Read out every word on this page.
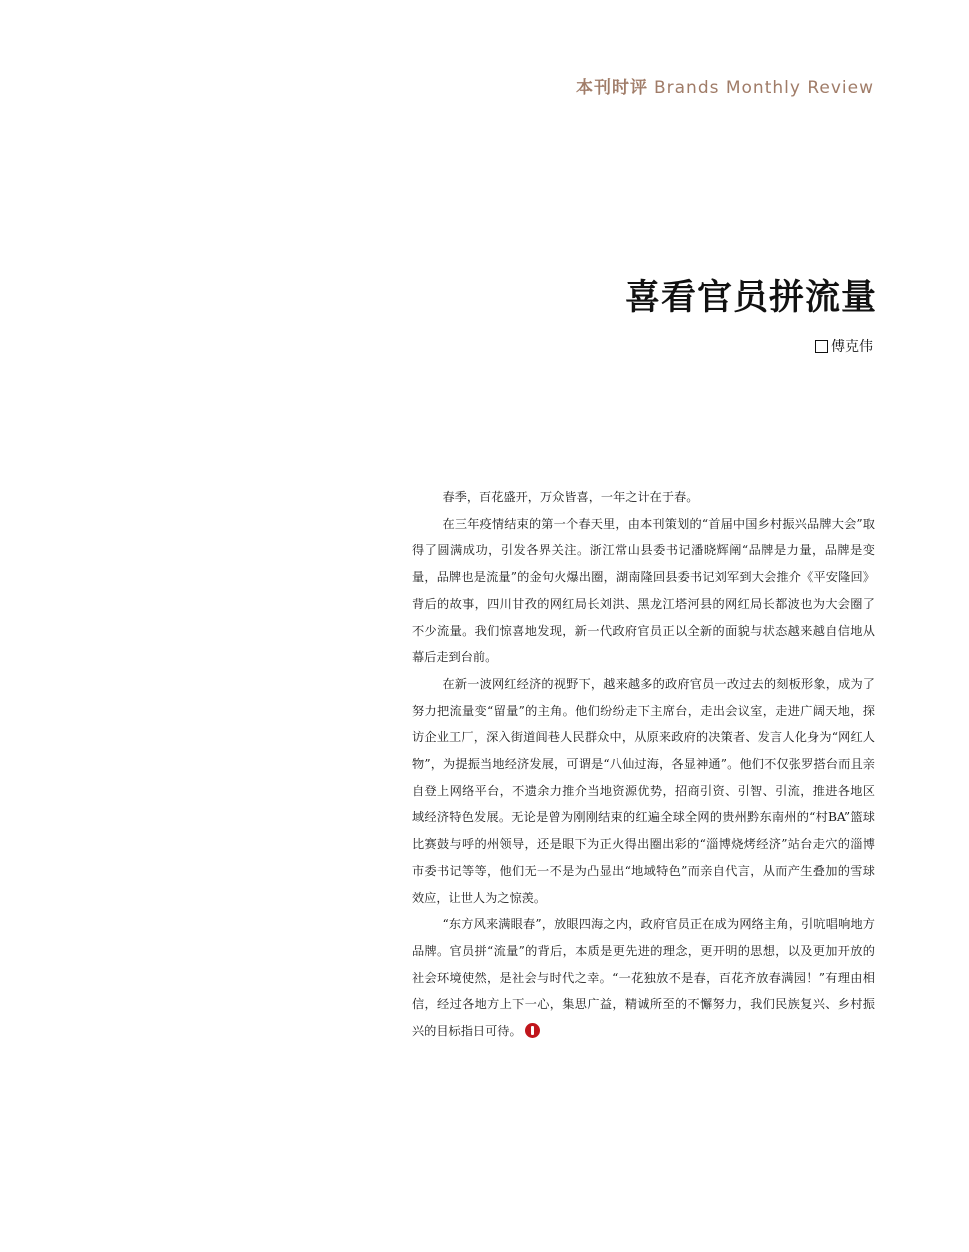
本刊时评 Brands Monthly Review
喜看官员拼流量
傅克伟

春季，百花盛开，万众皆喜，一年之计在于春。

在三年疫情结束的第一个春天里，由本刊策划的“首届中国乡村振兴品牌大会”取得了圆满成功，引发各界关注。浙江常山县委书记潘晓辉阐“品牌是力量，品牌是变量，品牌也是流量”的金句火爆出圈，湖南隆回县委书记刘军到大会推介《平安隆回》背后的故事，四川甘孜的网红局长刘洪、黑龙江塔河县的网红局长都波也为大会圈了不少流量。我们惊喜地发现，新一代政府官员正以全新的面貌与状态越来越自信地从幕后走到台前。

在新一波网红经济的视野下，越来越多的政府官员一改过去的刻板形象，成为了努力把流量变“留量”的主角。他们纷纷走下主席台，走出会议室，走进广阔天地，探访企业工厂，深入街道闾巷人民群众中，从原来政府的决策者、发言人化身为“网红人物”，为提振当地经济发展，可谓是“八仙过海，各显神通”。他们不仅张罗搭台而且亲自登上网络平台，不遗余力推介当地资源优势，招商引资、引智、引流，推进各地区域经济特色发展。无论是曾为刚刚结束的红遍全球全网的贵州黔东南州的“村BA”篮球比赛鼓与呼的州领导，还是眼下为正火得出圈出彩的“淄博烧烤经济”站台走穴的淄博市委书记等等，他们无一不是为凸显出“地域特色”而亲自代言，从而产生叠加的雪球效应，让世人为之惊羡。

“东方风来满眼春”，放眼四海之内，政府官员正在成为网络主角，引吭唱响地方品牌。官员拼“流量”的背后，本质是更先进的理念，更开明的思想，以及更加开放的社会环境使然，是社会与时代之幸。“一花独放不是春，百花齐放春满园！”有理由相信，经过各地方上下一心，集思广益，精诚所至的不懈努力，我们民族复兴、乡村振兴的目标指日可待。
